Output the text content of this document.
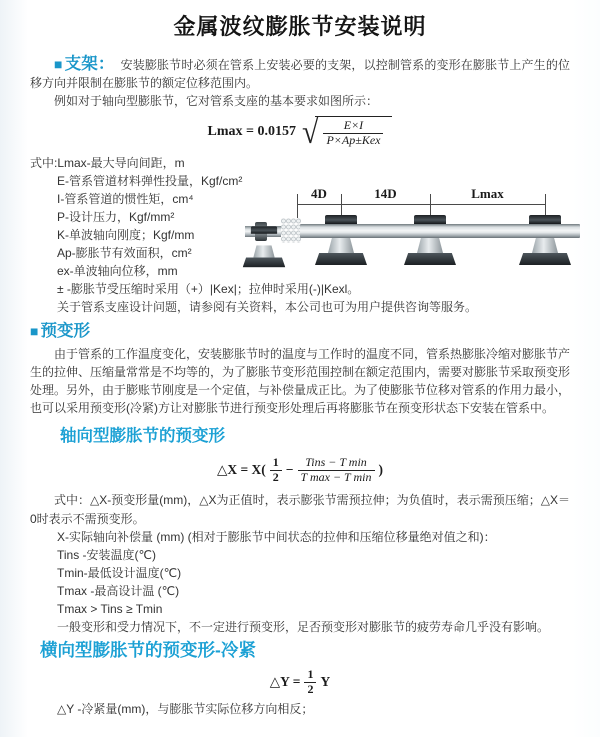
金属波纹膨胀节安装说明

■ 支架： 安装膨胀节时必须在管系上安装必要的支架，以控制管系的变形在膨胀节上产生的位移方向并限制在膨胀节的额定位移范围内。

例如对于轴向型膨胀节，它对管系支座的基本要求如图所示：

Lmax = 0.0157 √ $\frac{E\times I}{\text{P×Ap±Kex}}$
式中:Lmax-最大导向间距，m
E-管系管道材料弹性投量，Kgf/cm²
I-管系管道的惯性矩，cm⁴
P-设计压力，Kgf/mm²
K-单波轴向刚度；Kgf/mm
Ap-膨胀节有效面积，cm²
ex-单波轴向位移，mm
± -膨胀节受压缩时采用（+）|Kex|；拉伸时采用(-)|Kexl。
关于管系支座设计问题，请参阅有关资料，本公司也可为用户提供咨询等服务。
■ 预变形

由于管系的工作温度变化，安装膨胀节时的温度与工作时的温度不同，管系热膨胀冷缩对膨胀节产生的拉伸、压缩量常常是不均等的，为了膨胀节变形范围控制在额定范围内，需要对膨胀节采取预变形处理。另外，由于膨账节刚度是一个定值，与补偿量成正比。为了使膨胀节位移对管系的作用力最小，也可以采用预变形(冷紧)方让对膨胀节进行预变形处理后再将膨胀节在预变形状态下安装在管系中。

轴向型膨胀节的预变形
△X = $X( \frac{1}{2} - \frac{\text{Tins − T min}}{\text{T max − T min}}$ )

式中：△X-预变形量(mm)，△X为正值时，表示膨张节需预拉伸；为负值时，表示需预压缩；△X＝0时表示不需预变形。

X-实际轴向补偿量 (mm) (相对于膨胀节中间状态的拉伸和压缩位移量绝对值之和)：
Tins -安装温度(℃)
Tmin-最低设计温度(℃)
Tmax -最高设计温 (℃)
Tmax > Tins ≥ Tmin
一般变形和受力情况下，不一定进行预变形，足否预变形对膨胀节的疲劳寿命几乎没有影响。
横向型膨胀节的预变形-冷紧
△Y = $\frac{1}{2}$ Y
△Y -冷紧量(mm)，与膨胀节实际位移方向相反；
4D	14D	Lmax
